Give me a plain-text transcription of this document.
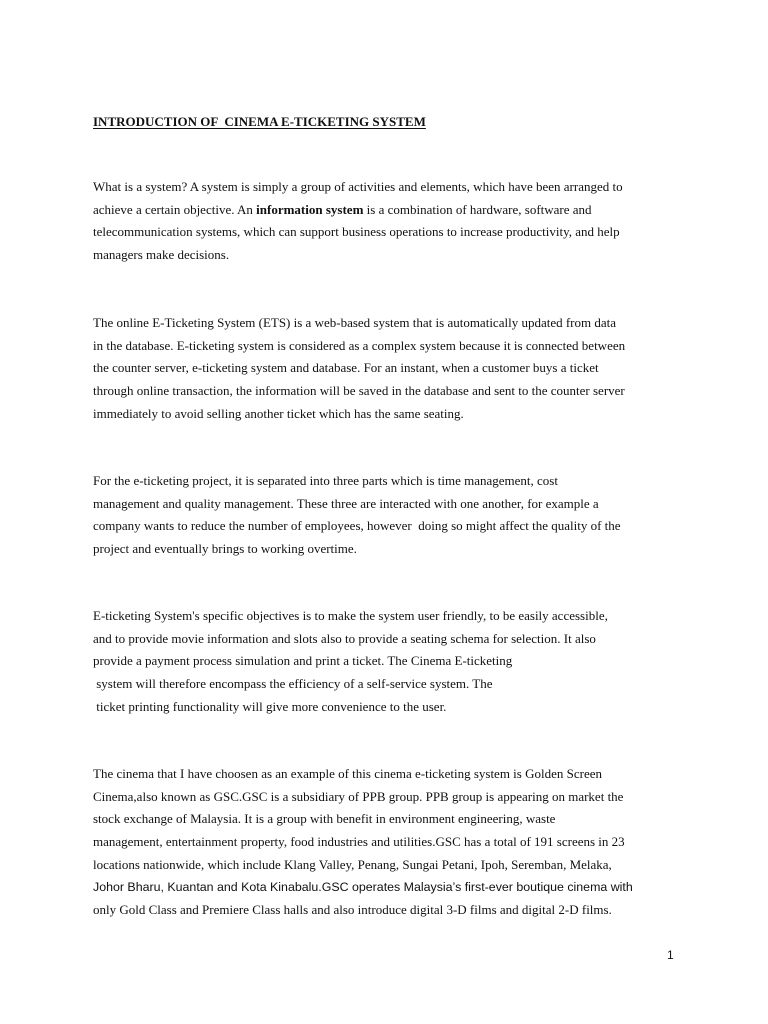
INTRODUCTION OF  CINEMA E-TICKETING SYSTEM

What is a system? A system is simply a group of activities and elements, which have been arranged to
achieve a certain objective. An information system is a combination of hardware, software and
telecommunication systems, which can support business operations to increase productivity, and help
managers make decisions.

The online E-Ticketing System (ETS) is a web-based system that is automatically updated from data
in the database. E-ticketing system is considered as a complex system because it is connected between
the counter server, e-ticketing system and database. For an instant, when a customer buys a ticket
through online transaction, the information will be saved in the database and sent to the counter server
immediately to avoid selling another ticket which has the same seating.

For the e-ticketing project, it is separated into three parts which is time management, cost
management and quality management. These three are interacted with one another, for example a
company wants to reduce the number of employees, however  doing so might affect the quality of the
project and eventually brings to working overtime.

E-ticketing System's specific objectives is to make the system user friendly, to be easily accessible,
and to provide movie information and slots also to provide a seating schema for selection. It also
provide a payment process simulation and print a ticket. The Cinema E-ticketing
system will therefore encompass the efficiency of a self-service system. The
ticket printing functionality will give more convenience to the user.

The cinema that I have choosen as an example of this cinema e-ticketing system is Golden Screen
Cinema,also known as GSC.GSC is a subsidiary of PPB group. PPB group is appearing on market the
stock exchange of Malaysia. It is a group with benefit in environment engineering, waste
management, entertainment property, food industries and utilities.GSC has a total of 191 screens in 23
locations nationwide, which include Klang Valley, Penang, Sungai Petani, Ipoh, Seremban, Melaka,
Johor Bharu, Kuantan and Kota Kinabalu.GSC operates Malaysia’s first-ever boutique cinema with
only Gold Class and Premiere Class halls and also introduce digital 3-D films and digital 2-D films.

1
